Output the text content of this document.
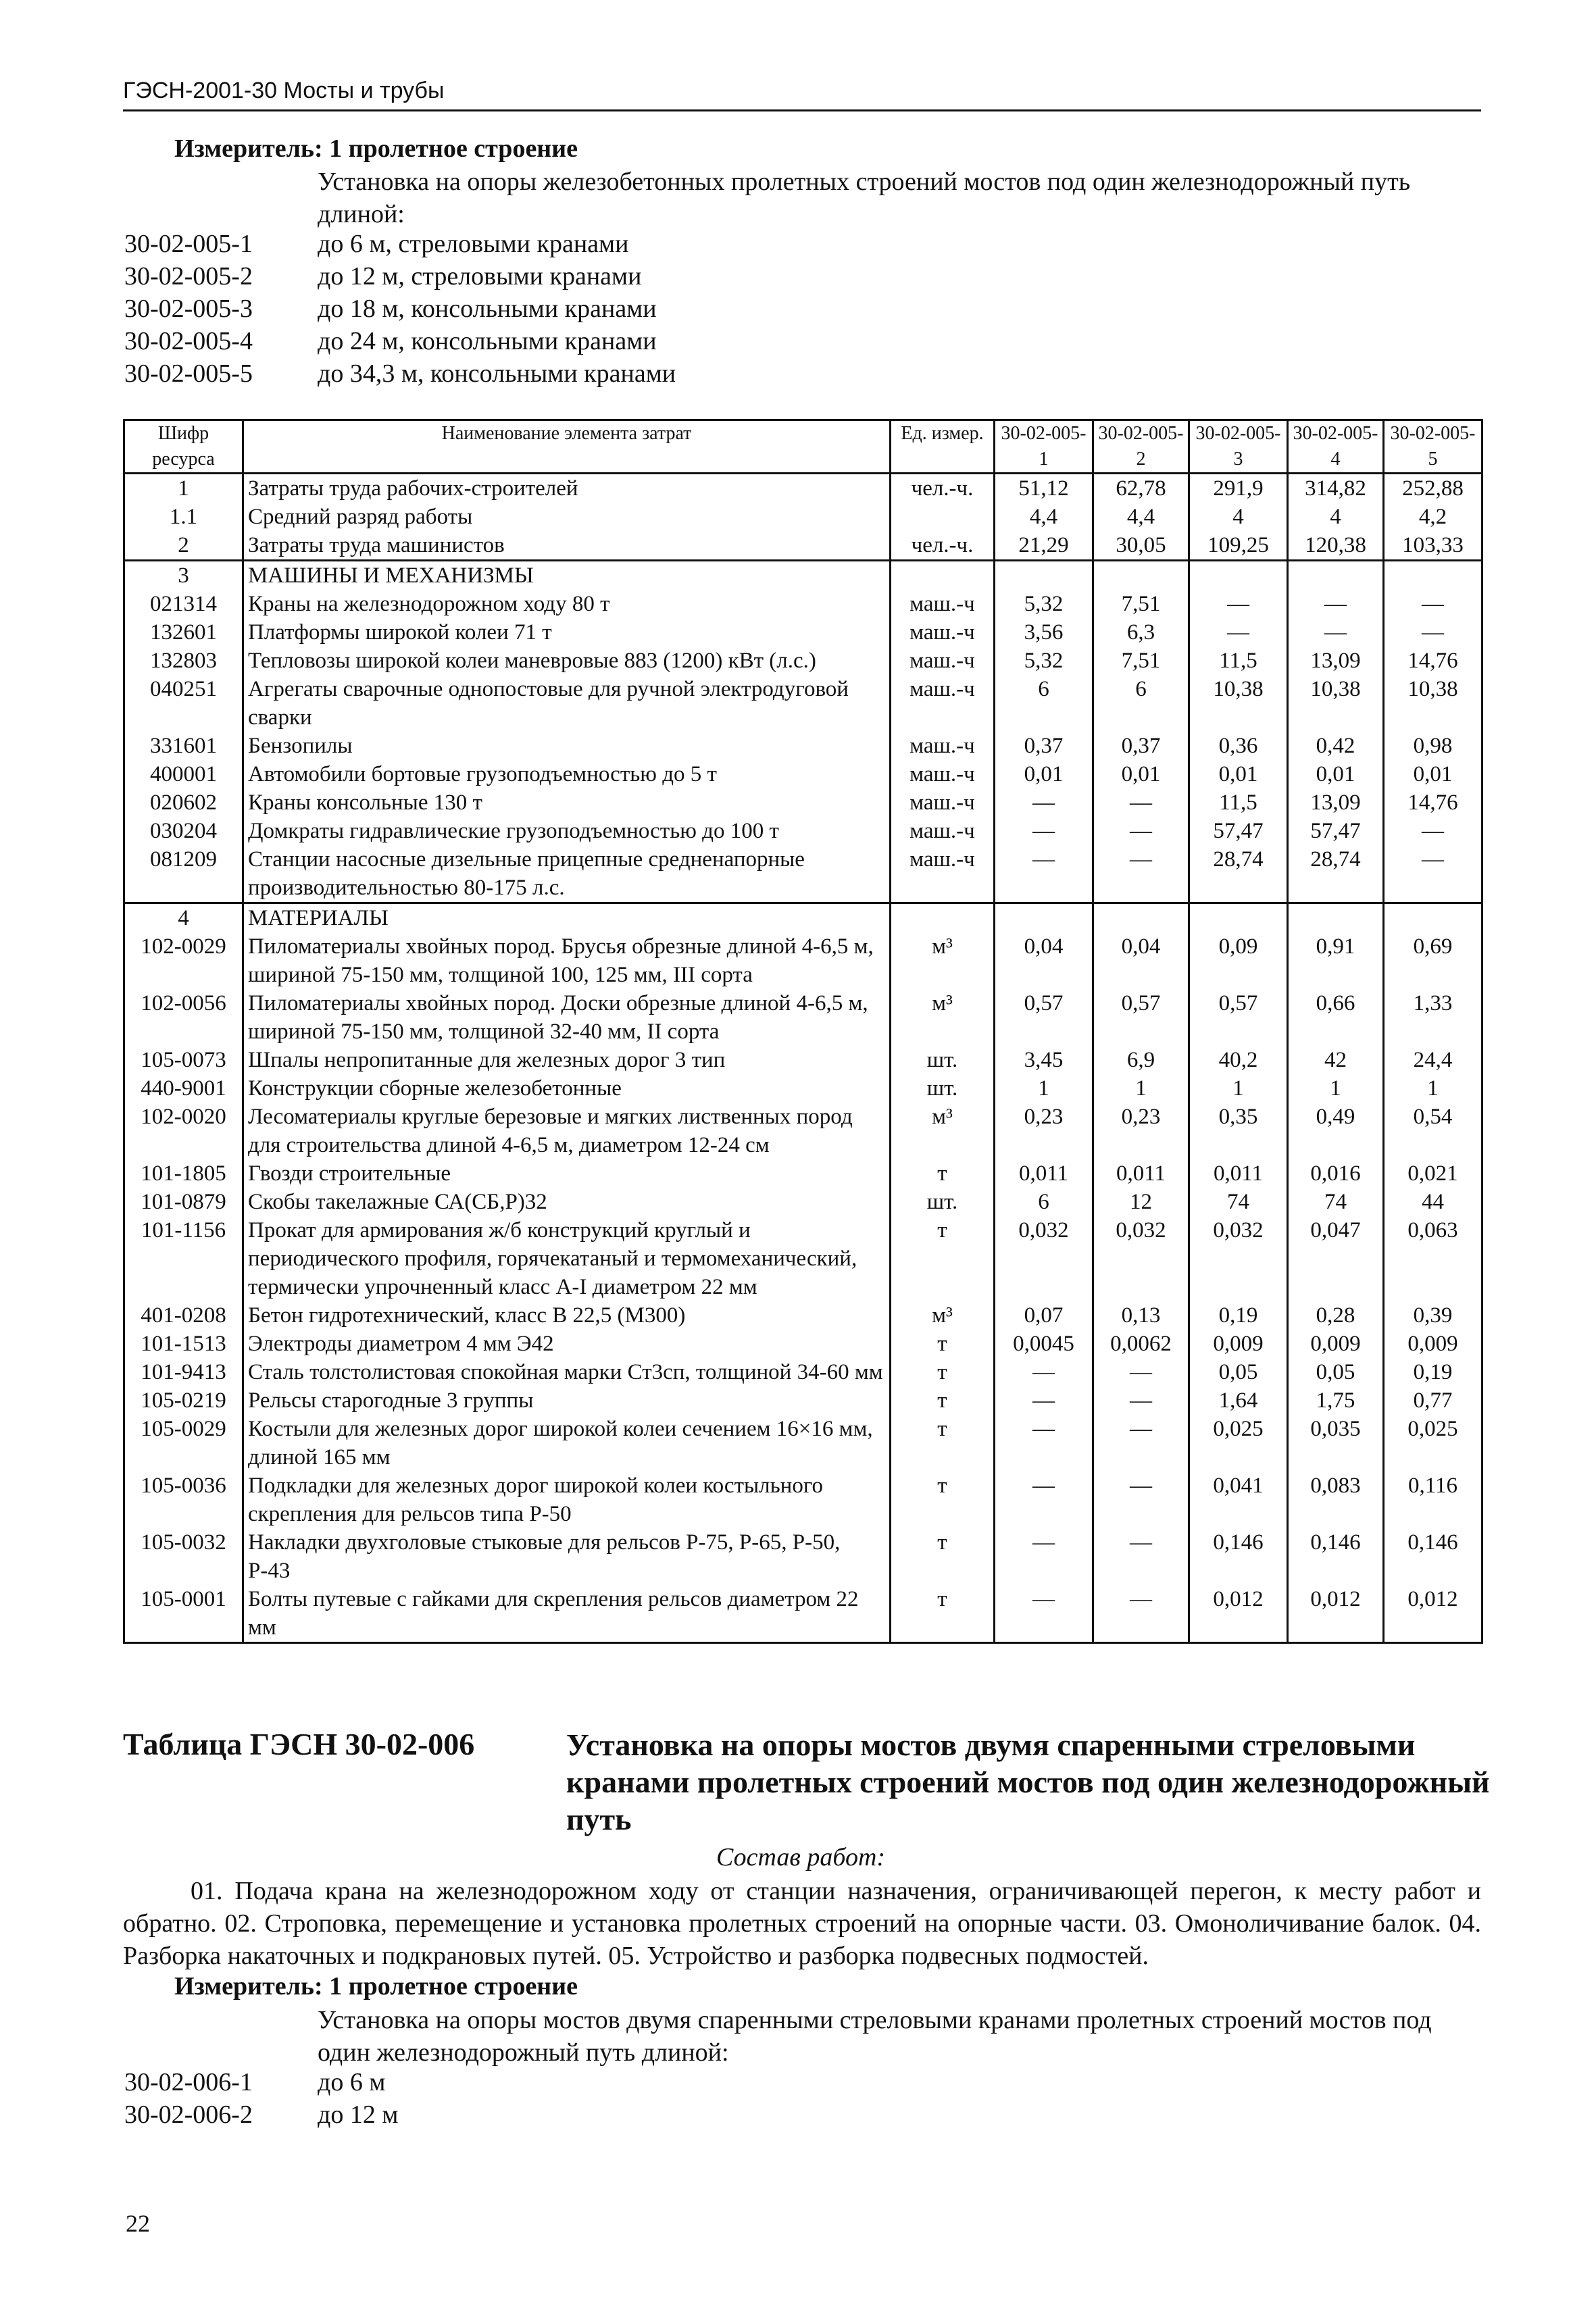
ГЭСН-2001-30 Мосты и трубы
Измеритель: 1 пролетное строение
Установка на опоры железобетонных пролетных строений мостов под один железнодорожный путь длиной:
30-02-005-1	до 6 м, стреловыми кранами
30-02-005-2	до 12 м, стреловыми кранами
30-02-005-3	до 18 м, консольными кранами
30-02-005-4	до 24 м, консольными кранами
30-02-005-5	до 34,3 м, консольными кранами
Шифр ресурса	Наименование элемента затрат	Ед. измер.	30-02-005-1	30-02-005-2	30-02-005-3	30-02-005-4	30-02-005-5
1	Затраты труда рабочих-строителей	чел.-ч.	51,12	62,78	291,9	314,82	252,88
1.1	Средний разряд работы		4,4	4,4	4	4	4,2
2	Затраты труда машинистов	чел.-ч.	21,29	30,05	109,25	120,38	103,33
3	МАШИНЫ И МЕХАНИЗМЫ						
021314	Краны на железнодорожном ходу 80 т	маш.-ч	5,32	7,51	—	—	—
132601	Платформы широкой колеи 71 т	маш.-ч	3,56	6,3	—	—	—
132803	Тепловозы широкой колеи маневровые 883 (1200) кВт (л.с.)	маш.-ч	5,32	7,51	11,5	13,09	14,76
040251	Агрегаты сварочные однопостовые для ручной электродуговой сварки	маш.-ч	6	6	10,38	10,38	10,38
331601	Бензопилы	маш.-ч	0,37	0,37	0,36	0,42	0,98
400001	Автомобили бортовые грузоподъемностью до 5 т	маш.-ч	0,01	0,01	0,01	0,01	0,01
020602	Краны консольные 130 т	маш.-ч	—	—	11,5	13,09	14,76
030204	Домкраты гидравлические грузоподъемностью до 100 т	маш.-ч	—	—	57,47	57,47	—
081209	Станции насосные дизельные прицепные средненапорные производительностью 80-175 л.с.	маш.-ч	—	—	28,74	28,74	—
4	МАТЕРИАЛЫ						
102-0029	Пиломатериалы хвойных пород. Брусья обрезные длиной 4-6,5 м, шириной 75-150 мм, толщиной 100, 125 мм, III сорта	м³	0,04	0,04	0,09	0,91	0,69
102-0056	Пиломатериалы хвойных пород. Доски обрезные длиной 4-6,5 м, шириной 75-150 мм, толщиной 32-40 мм, II сорта	м³	0,57	0,57	0,57	0,66	1,33
105-0073	Шпалы непропитанные для железных дорог 3 тип	шт.	3,45	6,9	40,2	42	24,4
440-9001	Конструкции сборные железобетонные	шт.	1	1	1	1	1
102-0020	Лесоматериалы круглые березовые и мягких лиственных пород для строительства длиной 4-6,5 м, диаметром 12-24 см	м³	0,23	0,23	0,35	0,49	0,54
101-1805	Гвозди строительные	т	0,011	0,011	0,011	0,016	0,021
101-0879	Скобы такелажные СА(СБ,Р)32	шт.	6	12	74	74	44
101-1156	Прокат для армирования ж/б конструкций круглый и периодического профиля, горячекатаный и термомеханический, термически упрочненный класс А-I диаметром 22 мм	т	0,032	0,032	0,032	0,047	0,063
401-0208	Бетон гидротехнический, класс В 22,5 (М300)	м³	0,07	0,13	0,19	0,28	0,39
101-1513	Электроды диаметром 4 мм Э42	т	0,0045	0,0062	0,009	0,009	0,009
101-9413	Сталь толстолистовая спокойная марки Ст3сп, толщиной 34-60 мм	т	—	—	0,05	0,05	0,19
105-0219	Рельсы старогодные 3 группы	т	—	—	1,64	1,75	0,77
105-0029	Костыли для железных дорог широкой колеи сечением 16×16 мм, длиной 165 мм	т	—	—	0,025	0,035	0,025
105-0036	Подкладки для железных дорог широкой колеи костыльного скрепления для рельсов типа Р-50	т	—	—	0,041	0,083	0,116
105-0032	Накладки двухголовые стыковые для рельсов Р-75, Р-65, Р-50, Р-43	т	—	—	0,146	0,146	0,146
105-0001	Болты путевые с гайками для скрепления рельсов диаметром 22 мм	т	—	—	0,012	0,012	0,012
Таблица ГЭСН 30-02-006	Установка на опоры мостов двумя спаренными стреловыми кранами пролетных строений мостов под один железнодорожный путь
Состав работ:
01. Подача крана на железнодорожном ходу от станции назначения, ограничивающей перегон, к месту работ и обратно. 02. Строповка, перемещение и установка пролетных строений на опорные части. 03. Омоноличивание балок. 04. Разборка накаточных и подкрановых путей. 05. Устройство и разборка подвесных подмостей.
Измеритель: 1 пролетное строение
Установка на опоры мостов двумя спаренными стреловыми кранами пролетных строений мостов под один железнодорожный путь длиной:
30-02-006-1	до 6 м
30-02-006-2	до 12 м
22
